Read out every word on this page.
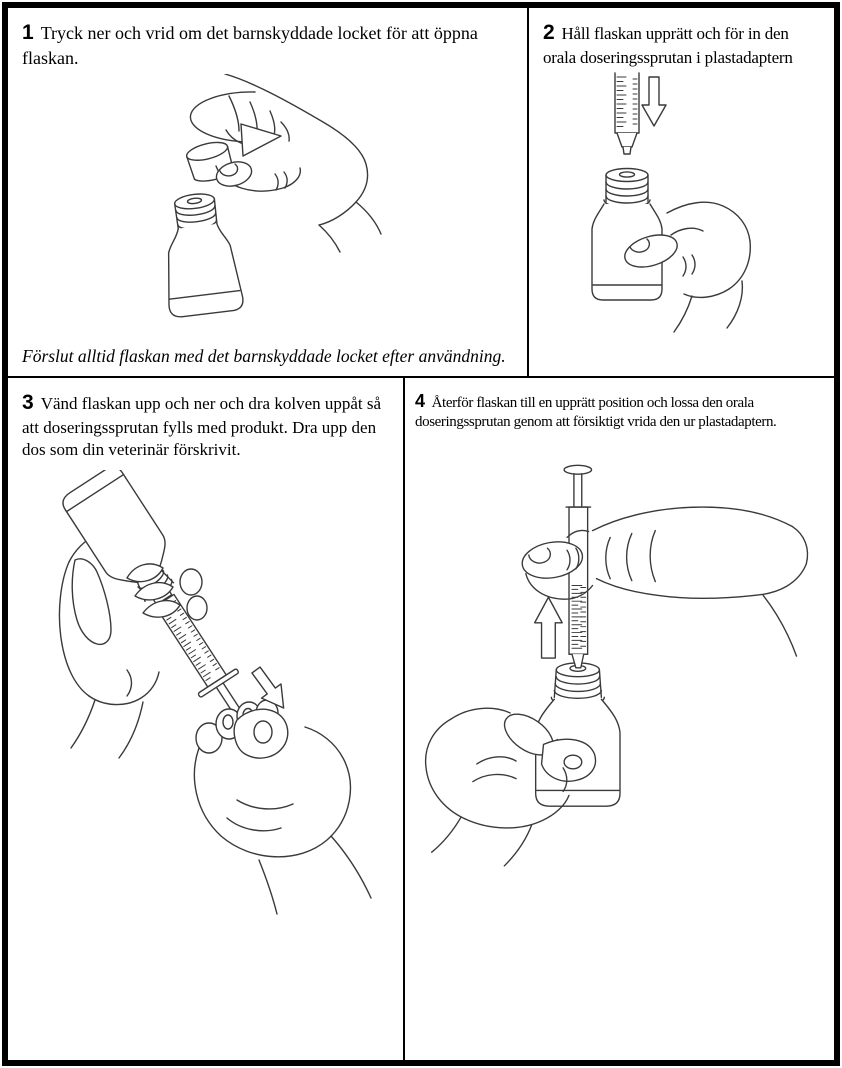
1 Tryck ner och vrid om det barnskyddade locket för att öppna flaskan.

Förslut alltid flaskan med det barnskyddade locket efter användning.

2 Håll flaskan upprätt och för in den orala doseringssprutan i plastadaptern

3 Vänd flaskan upp och ner och dra kolven uppåt så att doseringssprutan fylls med produkt. Dra upp den dos som din veterinär förskrivit.

4 Återför flaskan till en upprätt position och lossa den orala doseringssprutan genom att försiktigt vrida den ur plastadaptern.
